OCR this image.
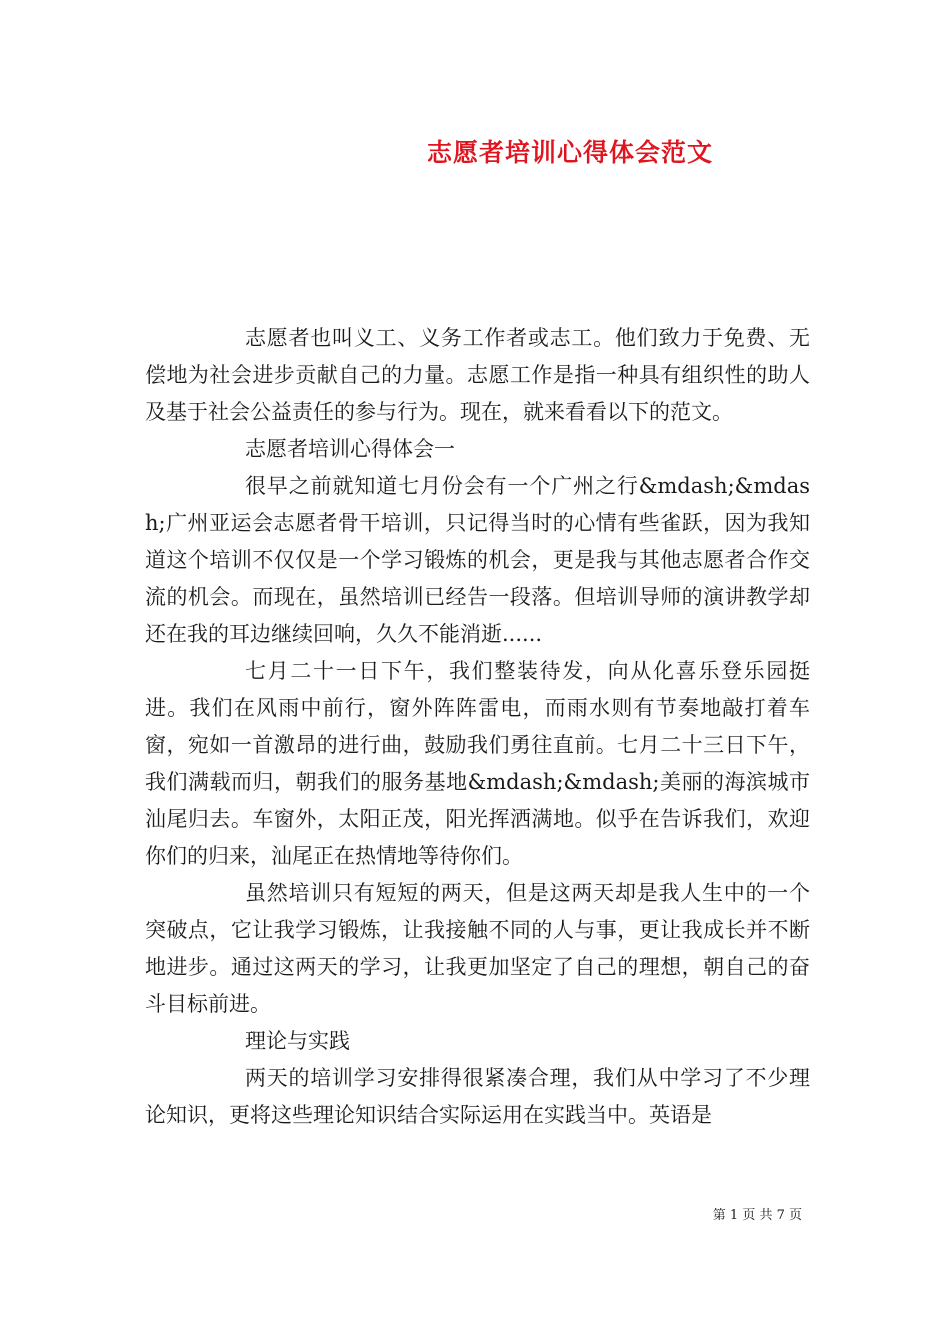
志愿者培训心得体会范文

志愿者也叫义工、义务工作者或志工。他们致力于免费、无偿地为社会进步贡献自己的力量。志愿工作是指一种具有组织性的助人及基于社会公益责任的参与行为。现在，就来看看以下的范文。

志愿者培训心得体会一

很早之前就知道七月份会有一个广州之行&mdash;&mdash;广州亚运会志愿者骨干培训，只记得当时的心情有些雀跃，因为我知道这个培训不仅仅是一个学习锻炼的机会，更是我与其他志愿者合作交流的机会。而现在，虽然培训已经告一段落。但培训导师的演讲教学却还在我的耳边继续回响，久久不能消逝......

七月二十一日下午，我们整装待发，向从化喜乐登乐园挺进。我们在风雨中前行，窗外阵阵雷电，而雨水则有节奏地敲打着车窗，宛如一首激昂的进行曲，鼓励我们勇往直前。七月二十三日下午，我们满载而归，朝我们的服务基地&mdash;&mdash;美丽的海滨城市汕尾归去。车窗外，太阳正茂，阳光挥洒满地。似乎在告诉我们，欢迎你们的归来，汕尾正在热情地等待你们。

虽然培训只有短短的两天，但是这两天却是我人生中的一个突破点，它让我学习锻炼，让我接触不同的人与事，更让我成长并不断地进步。通过这两天的学习，让我更加坚定了自己的理想，朝自己的奋斗目标前进。

理论与实践

两天的培训学习安排得很紧凑合理，我们从中学习了不少理论知识，更将这些理论知识结合实际运用在实践当中。英语是

第 1 页 共 7 页
